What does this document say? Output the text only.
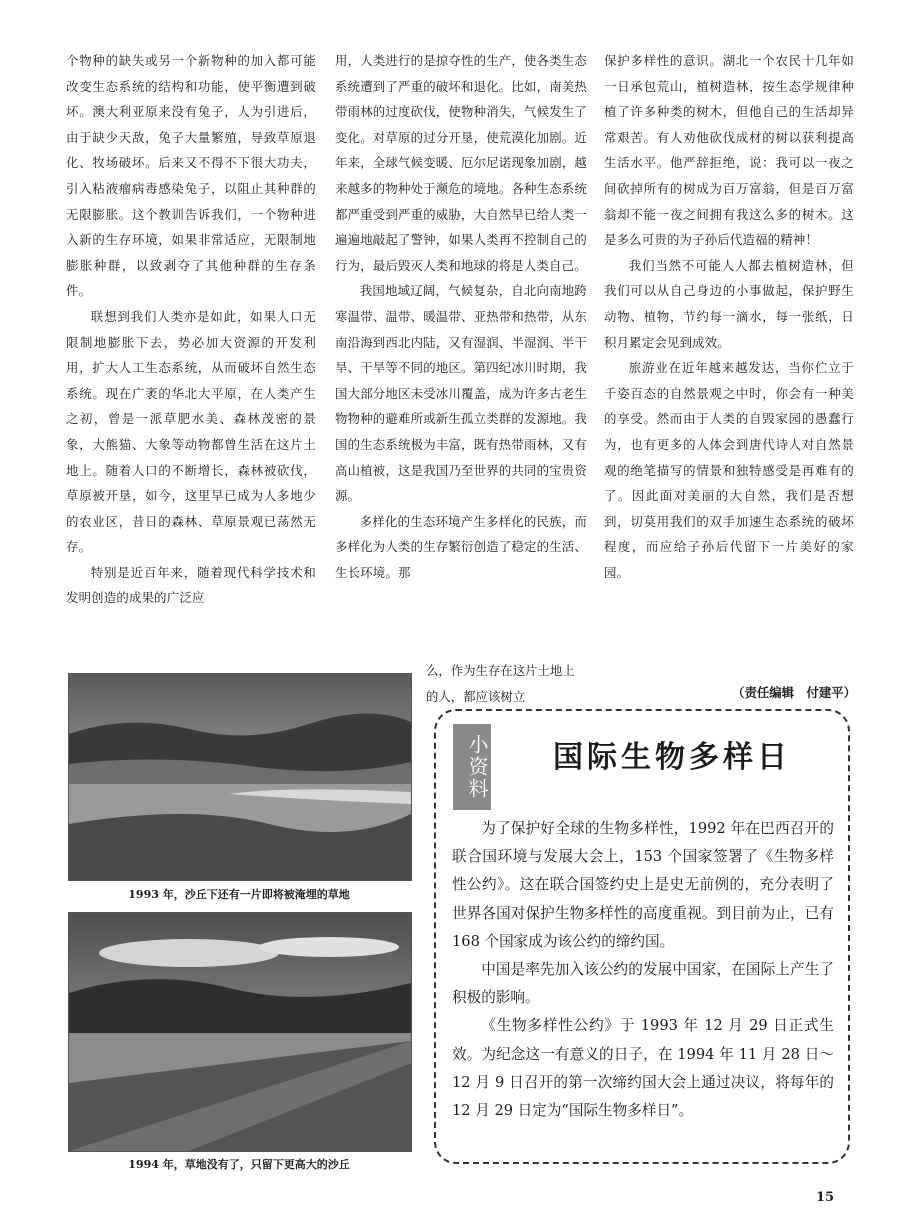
个物种的缺失或另一个新物种的加入都可能改变生态系统的结构和功能，使平衡遭到破坏。澳大利亚原来没有兔子，人为引进后，由于缺少天敌，兔子大量繁殖，导致草原退化、牧场破坏。后来又不得不下很大功夫，引入粘液瘤病毒感染兔子，以阻止其种群的无限膨胀。这个教训告诉我们，一个物种进入新的生存环境，如果非常适应，无限制地膨胀种群，以致剥夺了其他种群的生存条件。

联想到我们人类亦是如此，如果人口无限制地膨胀下去，势必加大资源的开发利用，扩大人工生态系统，从而破坏自然生态系统。现在广袤的华北大平原，在人类产生之初，曾是一派草肥水美、森林茂密的景象，大熊猫、大象等动物都曾生活在这片土地上。随着人口的不断增长，森林被砍伐，草原被开垦，如今，这里早已成为人多地少的农业区，昔日的森林、草原景观已荡然无存。

特别是近百年来，随着现代科学技术和发明创造的成果的广泛应

用，人类进行的是掠夺性的生产，使各类生态系统遭到了严重的破坏和退化。比如，南美热带雨林的过度砍伐，使物种消失，气候发生了变化。对草原的过分开垦，使荒漠化加剧。近年来，全球气候变暖、厄尔尼诺现象加剧，越来越多的物种处于濒危的境地。各种生态系统都严重受到严重的威胁，大自然早已给人类一遍遍地敲起了警钟，如果人类再不控制自己的行为，最后毁灭人类和地球的将是人类自己。

我国地域辽阔，气候复杂，自北向南地跨寒温带、温带、暖温带、亚热带和热带，从东南沿海到西北内陆，又有湿润、半湿润、半干旱、干旱等不同的地区。第四纪冰川时期，我国大部分地区未受冰川覆盖，成为许多古老生物物种的避难所或新生孤立类群的发源地。我国的生态系统极为丰富，既有热带雨林，又有高山植被，这是我国乃至世界的共同的宝贵资源。

多样化的生态环境产生多样化的民族，而多样化为人类的生存繁衍创造了稳定的生活、生长环境。那

么，作为生存在这片土地上的人，都应该树立

保护多样性的意识。湖北一个农民十几年如一日承包荒山，植树造林，按生态学规律种植了许多种类的树木，但他自己的生活却异常艰苦。有人劝他砍伐成材的树以获利提高生活水平。他严辞拒绝，说：我可以一夜之间砍掉所有的树成为百万富翁，但是百万富翁却不能一夜之间拥有我这么多的树木。这是多么可贵的为子孙后代造福的精神！

我们当然不可能人人都去植树造林，但我们可以从自己身边的小事做起，保护野生动物、植物，节约每一滴水，每一张纸，日积月累定会见到成效。

旅游业在近年越来越发达，当你伫立于千姿百态的自然景观之中时，你会有一种美的享受。然而由于人类的自毁家园的愚蠢行为，也有更多的人体会到唐代诗人对自然景观的绝笔描写的情景和独特感受是再难有的了。因此面对美丽的大自然，我们是否想到，切莫用我们的双手加速生态系统的破坏程度，而应给子孙后代留下一片美好的家园。

（责任编辑　付建平）
1993 年，沙丘下还有一片即将被淹埋的草地
1994 年，草地没有了，只留下更高大的沙丘
小资料	国际生物多样日

为了保护好全球的生物多样性，1992 年在巴西召开的联合国环境与发展大会上，153 个国家签署了《生物多样性公约》。这在联合国签约史上是史无前例的，充分表明了世界各国对保护生物多样性的高度重视。到目前为止，已有 168 个国家成为该公约的缔约国。

中国是率先加入该公约的发展中国家，在国际上产生了积极的影响。

《生物多样性公约》于 1993 年 12 月 29 日正式生效。为纪念这一有意义的日子，在 1994 年 11 月 28 日～12 月 9 日召开的第一次缔约国大会上通过决议，将每年的 12 月 29 日定为“国际生物多样日”。

15
